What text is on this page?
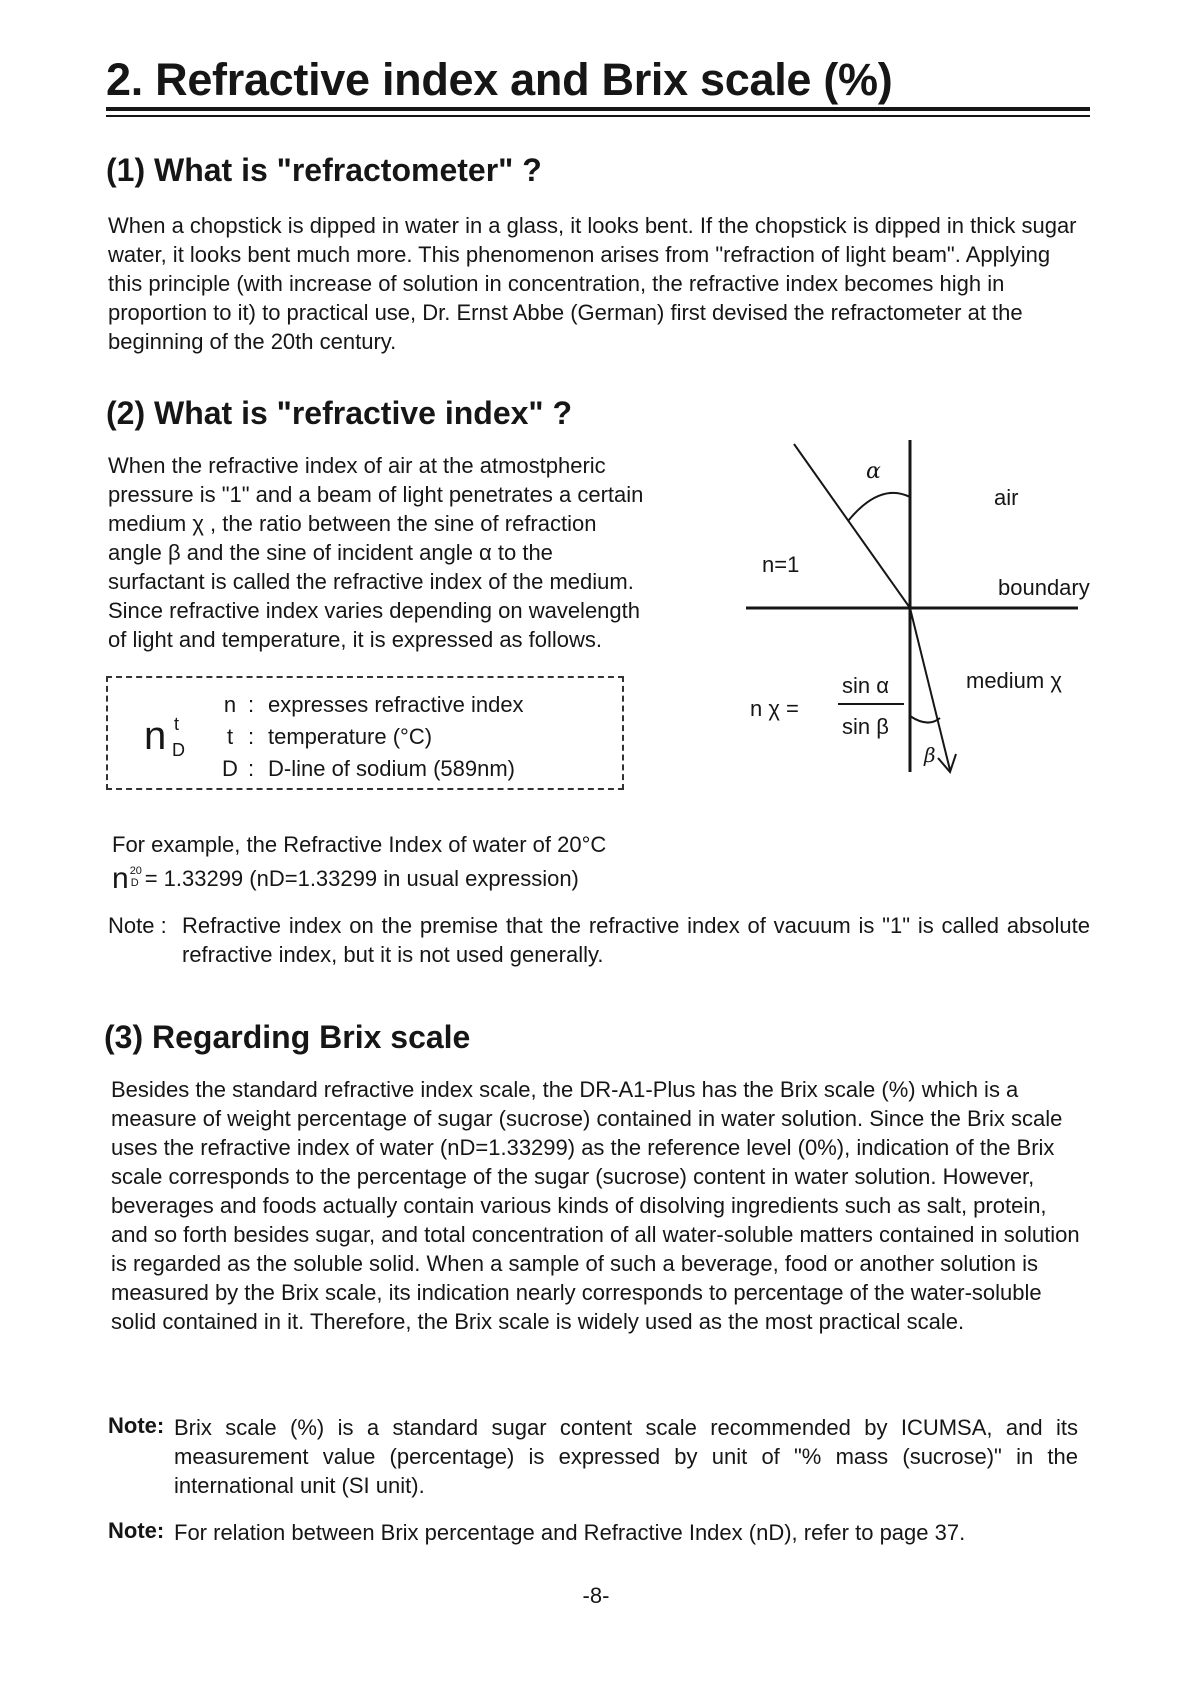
2. Refractive index and Brix scale (%)
(1) What is "refractometer" ?

When a chopstick is dipped in water in a glass, it looks bent. If the chopstick is dipped in thick sugar water, it looks bent much more. This phenomenon arises from "refraction of light beam". Applying this principle (with increase of solution in concentration, the refractive index becomes high in proportion to it) to practical use, Dr. Ernst Abbe (German) first devised the refractometer at the beginning of the 20th century.

(2) What is "refractive index" ?
When the refractive index of air at the atmostpheric
pressure is "1" and a beam of light penetrates a certain
medium χ , the ratio between the sine of refraction
angle β and the sine of incident angle α to the
surfactant is called the refractive index of the medium.
Since refractive index varies depending on wavelength
of light and temperature, it is expressed as follows.
n t
D
n : expresses refractive index
t : temperature (°C)
D : D-line of sodium (589nm)
α
β
air
boundary
n=1
medium χ
n χ =
sin α
sin β
For example, the Refractive Index of water of 20°C
n 20
D = 1.33299 (nD=1.33299 in usual expression)
Note : Refractive index on the premise that the refractive index of vacuum is "1" is called absolute refractive index, but it is not used generally.
(3) Regarding Brix scale

Besides the standard refractive index scale, the DR-A1-Plus has the Brix scale (%) which is a measure of weight percentage of sugar (sucrose) contained in water solution. Since the Brix scale uses the refractive index of water (nD=1.33299) as the reference level (0%), indication of the Brix scale corresponds to the percentage of the sugar (sucrose) content in water solution. However, beverages and foods actually contain various kinds of disolving ingredients such as salt, protein, and so forth besides sugar, and total concentration of all water-soluble matters contained in solution is regarded as the soluble solid. When a sample of such a beverage, food or another solution is measured by the Brix scale, its indication nearly corresponds to percentage of the water-soluble solid contained in it. Therefore, the Brix scale is widely used as the most practical scale.

Note: Brix scale (%) is a standard sugar content scale recommended by ICUMSA, and its measurement value (percentage) is expressed by unit of "% mass (sucrose)" in the international unit (SI unit).
Note: For relation between Brix percentage and Refractive Index (nD), refer to page 37.
-8-
